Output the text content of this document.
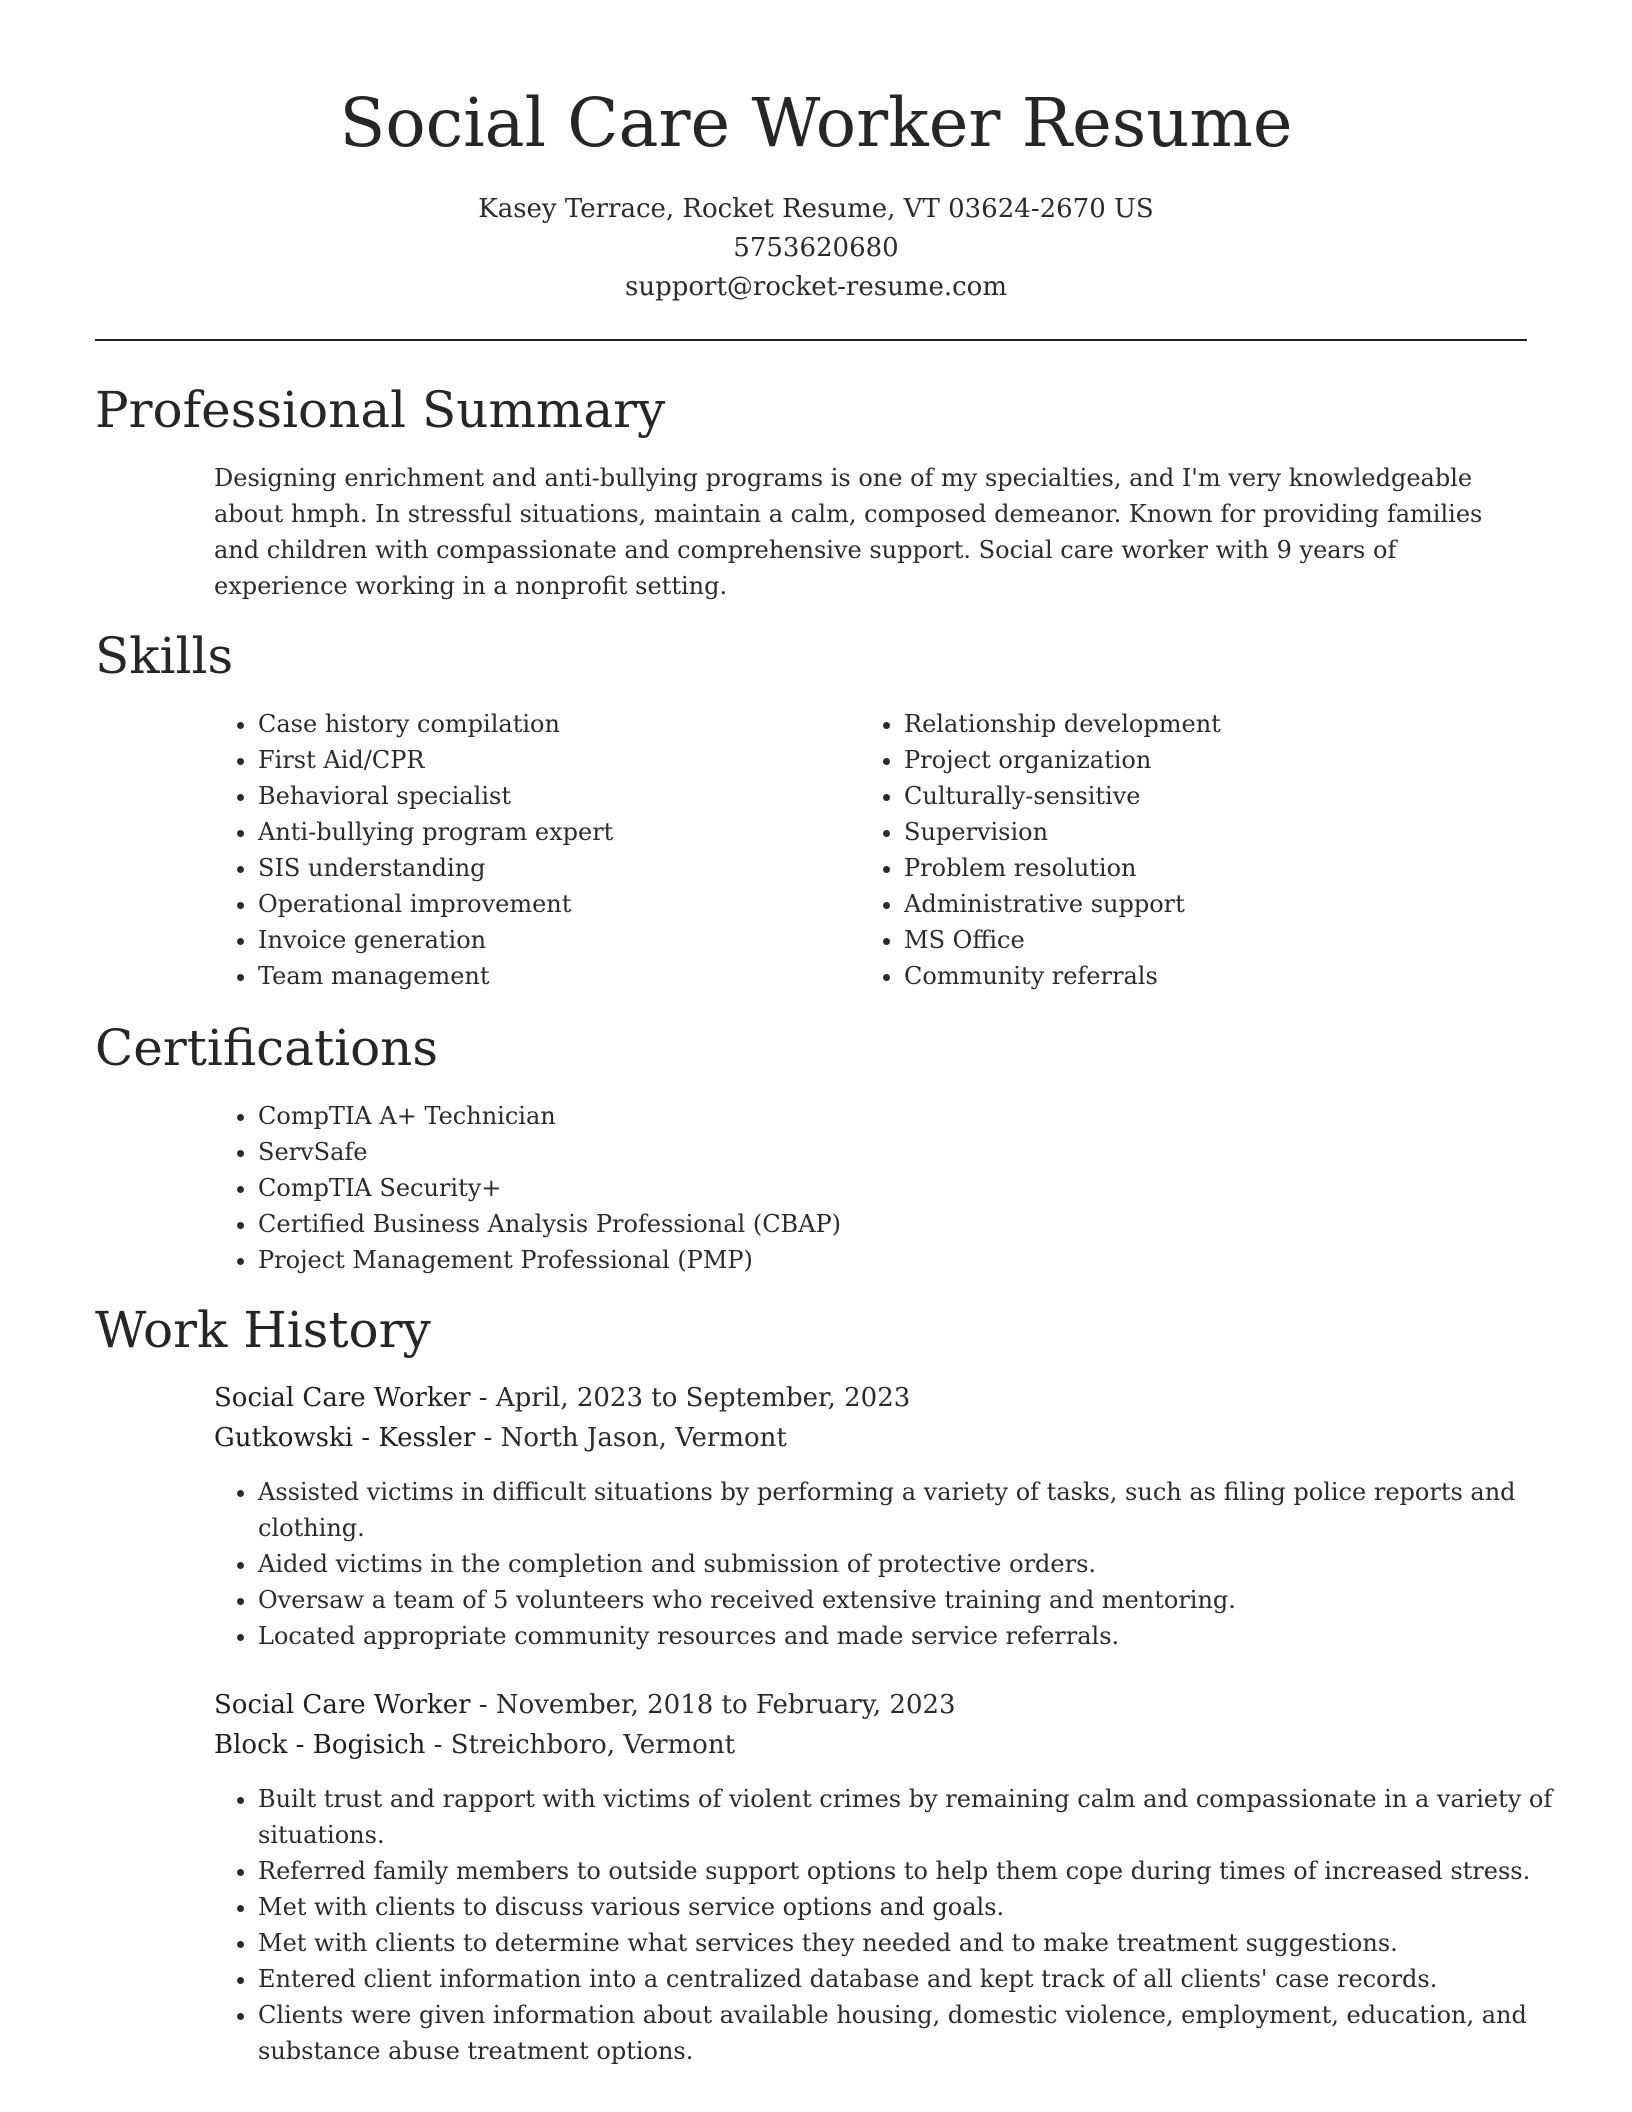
Social Care Worker Resume
Kasey Terrace, Rocket Resume, VT 03624-2670 US
5753620680
support@rocket-resume.com
Professional Summary

Designing enrichment and anti-bullying programs is one of my specialties, and I'm very knowledgeable about hmph. In stressful situations, maintain a calm, composed demeanor. Known for providing families and children with compassionate and comprehensive support. Social care worker with 9 years of experience working in a nonprofit setting.

Skills
• Case history compilation
• First Aid/CPR
• Behavioral specialist
• Anti-bullying program expert
• SIS understanding
• Operational improvement
• Invoice generation
• Team management
• Relationship development
• Project organization
• Culturally-sensitive
• Supervision
• Problem resolution
• Administrative support
• MS Office
• Community referrals
Certifications
• CompTIA A+ Technician
• ServSafe
• CompTIA Security+
• Certified Business Analysis Professional (CBAP)
• Project Management Professional (PMP)
Work History
Social Care Worker - April, 2023 to September, 2023
Gutkowski - Kessler - North Jason, Vermont
• Assisted victims in difficult situations by performing a variety of tasks, such as filing police reports and clothing.
• Aided victims in the completion and submission of protective orders.
• Oversaw a team of 5 volunteers who received extensive training and mentoring.
• Located appropriate community resources and made service referrals.
Social Care Worker - November, 2018 to February, 2023
Block - Bogisich - Streichboro, Vermont
• Built trust and rapport with victims of violent crimes by remaining calm and compassionate in a variety of situations.
• Referred family members to outside support options to help them cope during times of increased stress.
• Met with clients to discuss various service options and goals.
• Met with clients to determine what services they needed and to make treatment suggestions.
• Entered client information into a centralized database and kept track of all clients' case records.
• Clients were given information about available housing, domestic violence, employment, education, and substance abuse treatment options.
